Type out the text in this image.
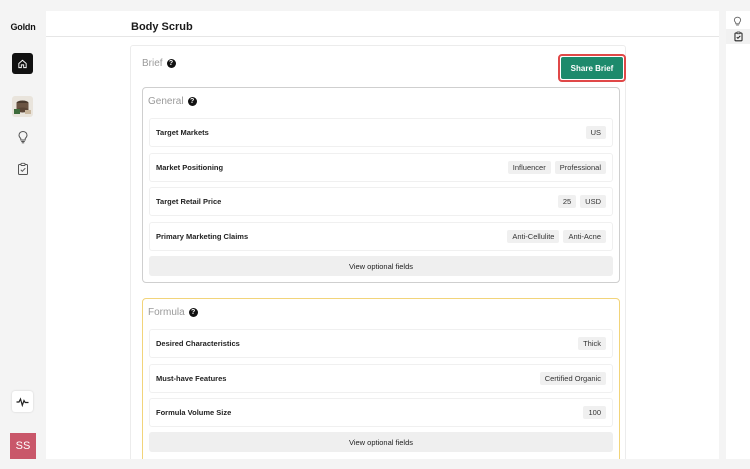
Goldn
SS
Body Scrub
Brief ?	Share Brief
General ?
Target Markets	US
Market Positioning	Influencer	Professional
Target Retail Price	25	USD
Primary Marketing Claims	Anti-Cellulite	Anti-Acne
View optional fields
Formula ?
Desired Characteristics	Thick
Must-have Features	Certified Organic
Formula Volume Size	100
View optional fields
